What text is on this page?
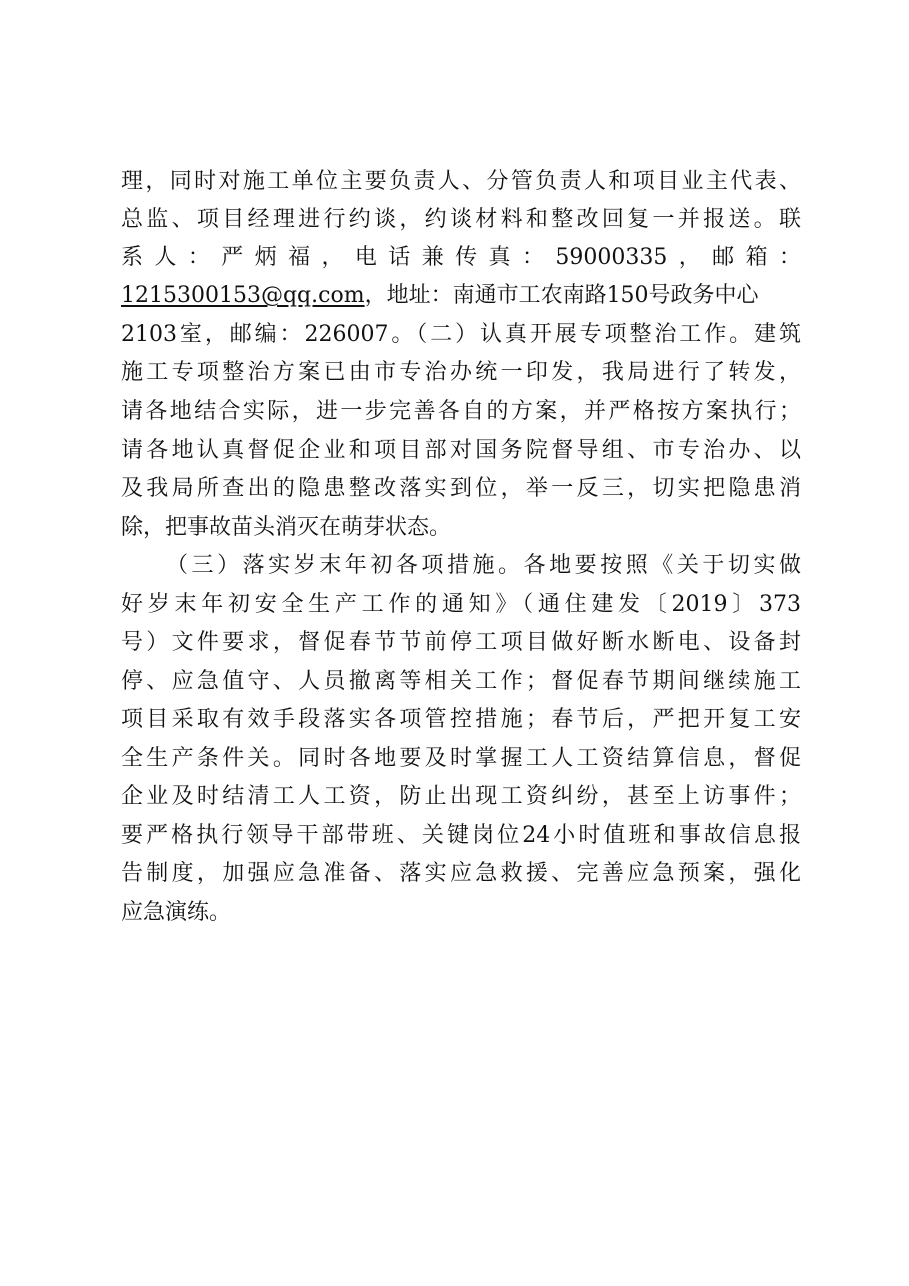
理，同时对施工单位主要负责人、分管负责人和项目业主代表、
总监、项目经理进行约谈，约谈材料和整改回复一并报送。联
系人：严炳福，电话兼传真：59000335，邮箱：
1215300153@qq.com，地址：南通市工农南路150号政务中心
2103室，邮编：226007。（二）认真开展专项整治工作。建筑
施工专项整治方案已由市专治办统一印发，我局进行了转发，
请各地结合实际，进一步完善各自的方案，并严格按方案执行；
请各地认真督促企业和项目部对国务院督导组、市专治办、以
及我局所查出的隐患整改落实到位，举一反三，切实把隐患消
除，把事故苗头消灭在萌芽状态。
（三）落实岁末年初各项措施。各地要按照《关于切实做
好岁末年初安全生产工作的通知》（通住建发〔2019〕373
号）文件要求，督促春节节前停工项目做好断水断电、设备封
停、应急值守、人员撤离等相关工作；督促春节期间继续施工
项目采取有效手段落实各项管控措施；春节后，严把开复工安
全生产条件关。同时各地要及时掌握工人工资结算信息，督促
企业及时结清工人工资，防止出现工资纠纷，甚至上访事件；
要严格执行领导干部带班、关键岗位24小时值班和事故信息报
告制度，加强应急准备、落实应急救援、完善应急预案，强化
应急演练。
